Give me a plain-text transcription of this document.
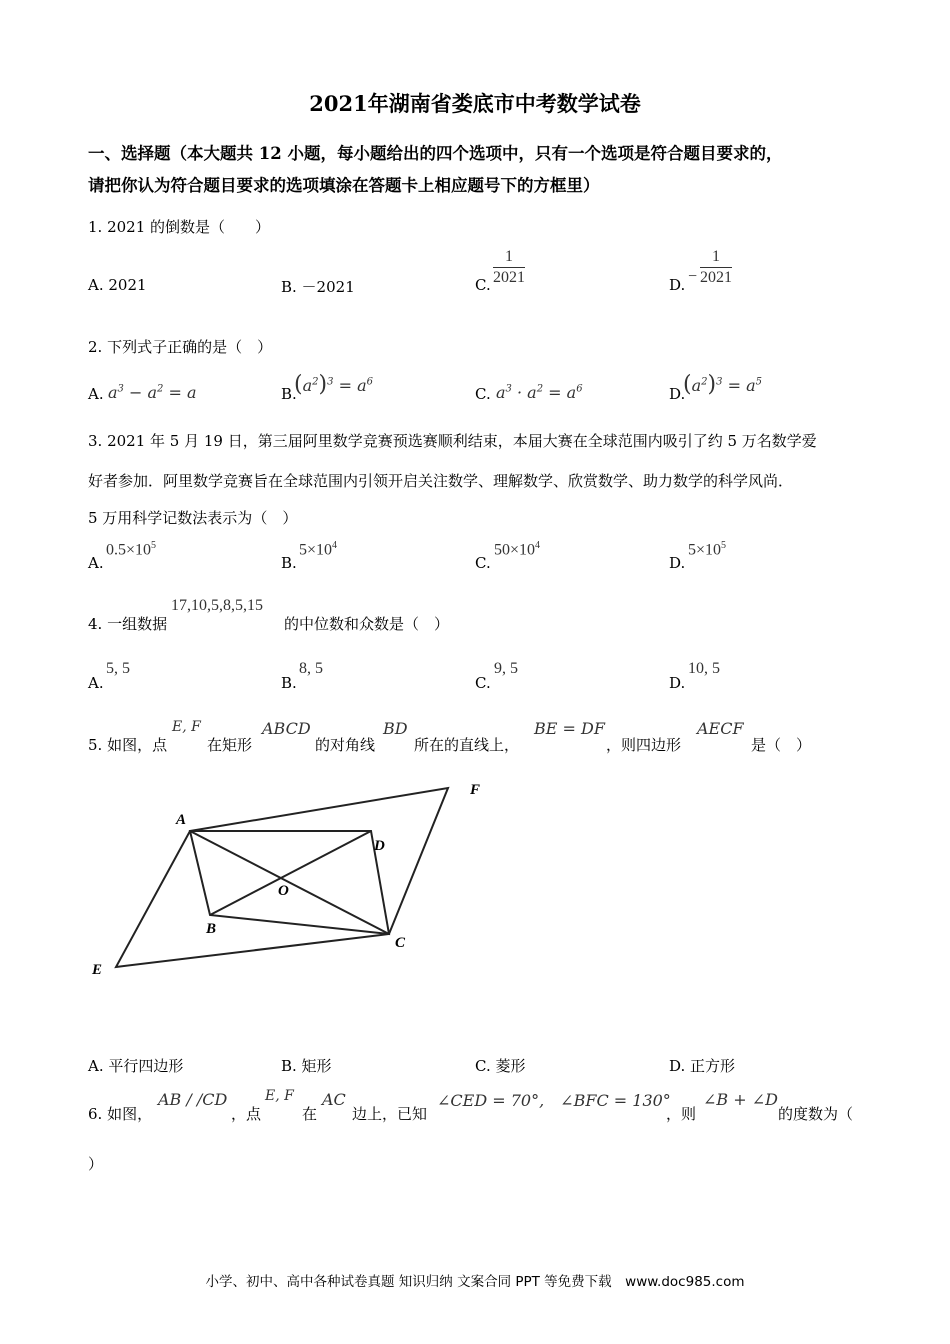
2021年湖南省娄底市中考数学试卷
一、选择题（本大题共 12 小题，每小题给出的四个选项中，只有一个选项是符合题目要求的，
请把你认为符合题目要求的选项填涂在答题卡上相应题号下的方框里）
1. 2021 的倒数是（　　）
A. 2021	B. －2021	C. $\frac{1}{2021}$	D. − $\frac{1}{2021}$
2. 下列式子正确的是（　）
A. $a^3 - a^2 = a$	B.
$(a^2)^3 = a^6$
C. $a^3 \cdot a^2 = a^6$	D.
$(a^2)^3 = a^5$
3. 2021 年 5 月 19 日，第三届阿里数学竞赛预选赛顺利结束，本届大赛在全球范围内吸引了约 5 万名数学爱
好者参加．阿里数学竞赛旨在全球范围内引领开启关注数学、理解数学、欣赏数学、助力数学的科学风尚．
5 万用科学记数法表示为（　）
A.
$0.5\times 10^5$
B.
$5\times 10^4$
C.
$50\times 10^4$
D.
$5\times 10^5$
4. 一组数据
17,10,5,8,5,15
的中位数和众数是（　）
A.
5, 5
B.
8, 5
C.
9, 5
D.
10, 5
5. 如图，点
E, F
在矩形
ABCD
的对角线
BD
所在的直线上，
BE = DF
，则四边形
AECF
是（　）
A
B
C
D
E
F
O
A. 平行四边形	B. 矩形	C. 菱形	D. 正方形
6. 如图，
AB / /CD
，点
E, F
在
AC
边上，已知
∠CED = 70°,　∠BFC = 130°
，则
∠B + ∠D
的度数为（
）
小学、初中、高中各种试卷真题 知识归纳 文案合同 PPT 等免费下载　www.doc985.com
